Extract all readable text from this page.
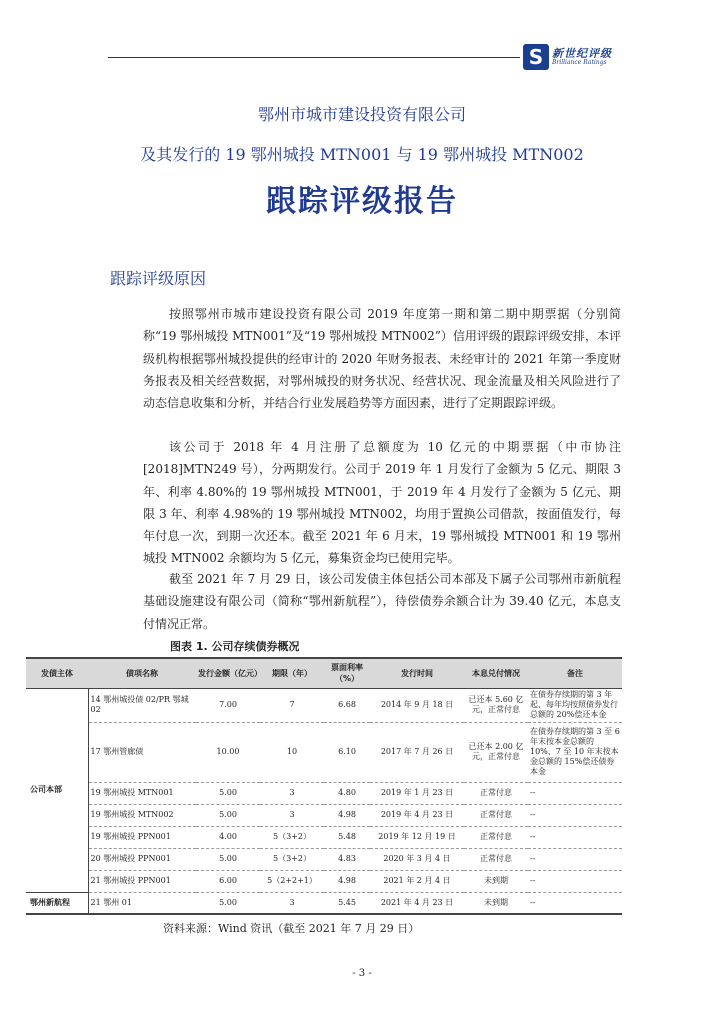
S 新世纪评级
Brilliance Ratings
鄂州市城市建设投资有限公司
及其发行的 19 鄂州城投 MTN001 与 19 鄂州城投 MTN002
跟踪评级报告
跟踪评级原因

按照鄂州市城市建设投资有限公司 2019 年度第一期和第二期中期票据（分别简称“19 鄂州城投 MTN001”及“19 鄂州城投 MTN002”）信用评级的跟踪评级安排，本评级机构根据鄂州城投提供的经审计的 2020 年财务报表、未经审计的 2021 年第一季度财务报表及相关经营数据，对鄂州城投的财务状况、经营状况、现金流量及相关风险进行了动态信息收集和分析，并结合行业发展趋势等方面因素，进行了定期跟踪评级。

该公司于 2018 年 4 月注册了总额度为 10 亿元的中期票据（中市协注[2018]MTN249 号），分两期发行。公司于 2019 年 1 月发行了金额为 5 亿元、期限 3 年、利率 4.80%的 19 鄂州城投 MTN001，于 2019 年 4 月发行了金额为 5 亿元、期限 3 年、利率 4.98%的 19 鄂州城投 MTN002，均用于置换公司借款，按面值发行，每年付息一次，到期一次还本。截至 2021 年 6 月末，19 鄂州城投 MTN001 和 19 鄂州城投 MTN002 余额均为 5 亿元，募集资金均已使用完毕。

截至 2021 年 7 月 29 日，该公司发债主体包括公司本部及下属子公司鄂州市新航程基础设施建设有限公司（简称“鄂州新航程”），待偿债券余额合计为 39.40 亿元，本息支付情况正常。

图表 1. 公司存续债券概况
发债主体	债项名称	发行金额（亿元）	期限（年）	票面利率（%）	发行时间	本息兑付情况	备注
公司本部	14 鄂州城投债 02/PR 鄂城 02	7.00	7	6.68	2014 年 9 月 18 日	已还本 5.60 亿元，正常付息	在债券存续期的第 3 年起，每年均按照债券发行总额的 20%偿还本金
	17 鄂州管廊债	10.00	10	6.10	2017 年 7 月 26 日	已还本 2.00 亿元，正常付息	在债券存续期的第 3 至 6 年末按本金总额的 10%、7 至 10 年末按本金总额的 15%偿还债券本金
	19 鄂州城投 MTN001	5.00	3	4.80	2019 年 1 月 23 日	正常付息	--
	19 鄂州城投 MTN002	5.00	3	4.98	2019 年 4 月 23 日	正常付息	--
	19 鄂州城投 PPN001	4.00	5（3+2）	5.48	2019 年 12 月 19 日	正常付息	--
	20 鄂州城投 PPN001	5.00	5（3+2）	4.83	2020 年 3 月 4 日	正常付息	--
	21 鄂州城投 PPN001	6.00	5（2+2+1）	4.98	2021 年 2 月 4 日	未到期	--
鄂州新航程	21 鄂州 01	5.00	3	5.45	2021 年 4 月 23 日	未到期	--
资料来源：Wind 资讯（截至 2021 年 7 月 29 日）
- 3 -
